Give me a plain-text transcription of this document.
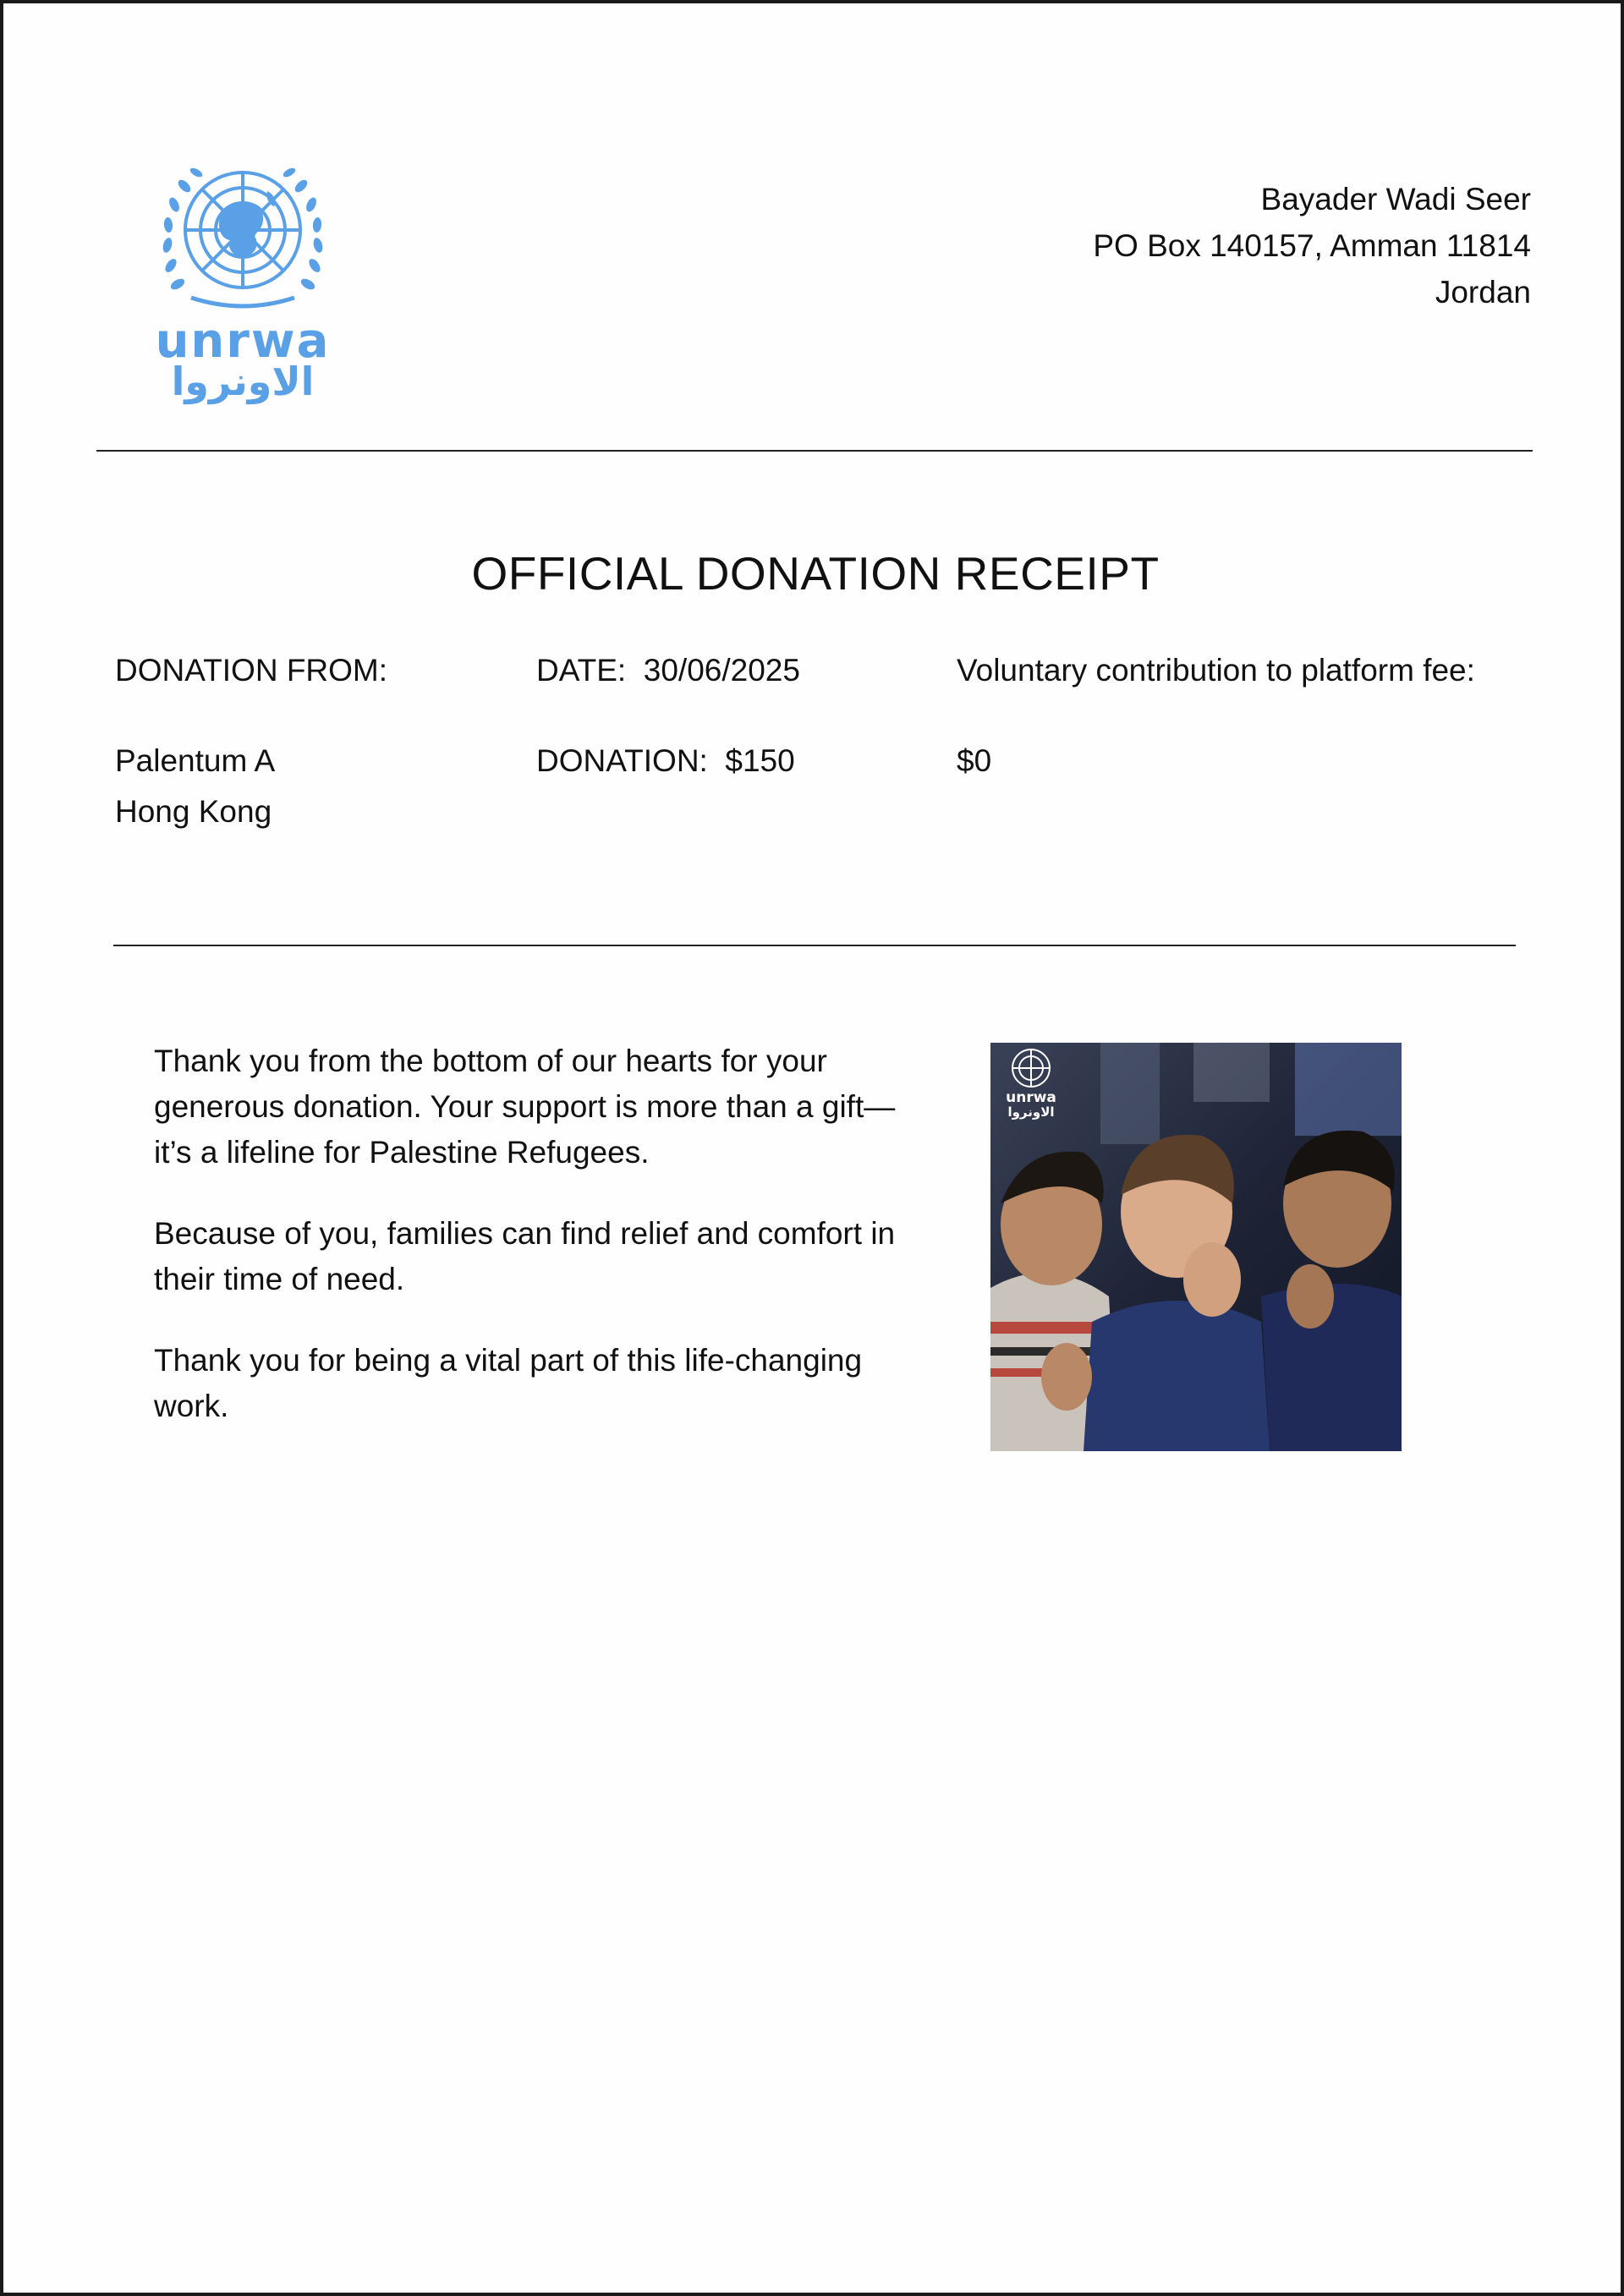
unrwa
الاونروا
Bayader Wadi Seer
PO Box 140157, Amman 11814
Jordan
OFFICIAL DONATION RECEIPT
DONATION FROM:
Palentum A
Hong Kong
DATE: 30/06/2025
DONATION: $150
Voluntary contribution to platform fee:
$0

Thank you from the bottom of our hearts for your generous donation. Your support is more than a gift—it’s a lifeline for Palestine Refugees.

Because of you, families can find relief and comfort in their time of need.

Thank you for being a vital part of this life-changing work.

unrwa
الاونروا
